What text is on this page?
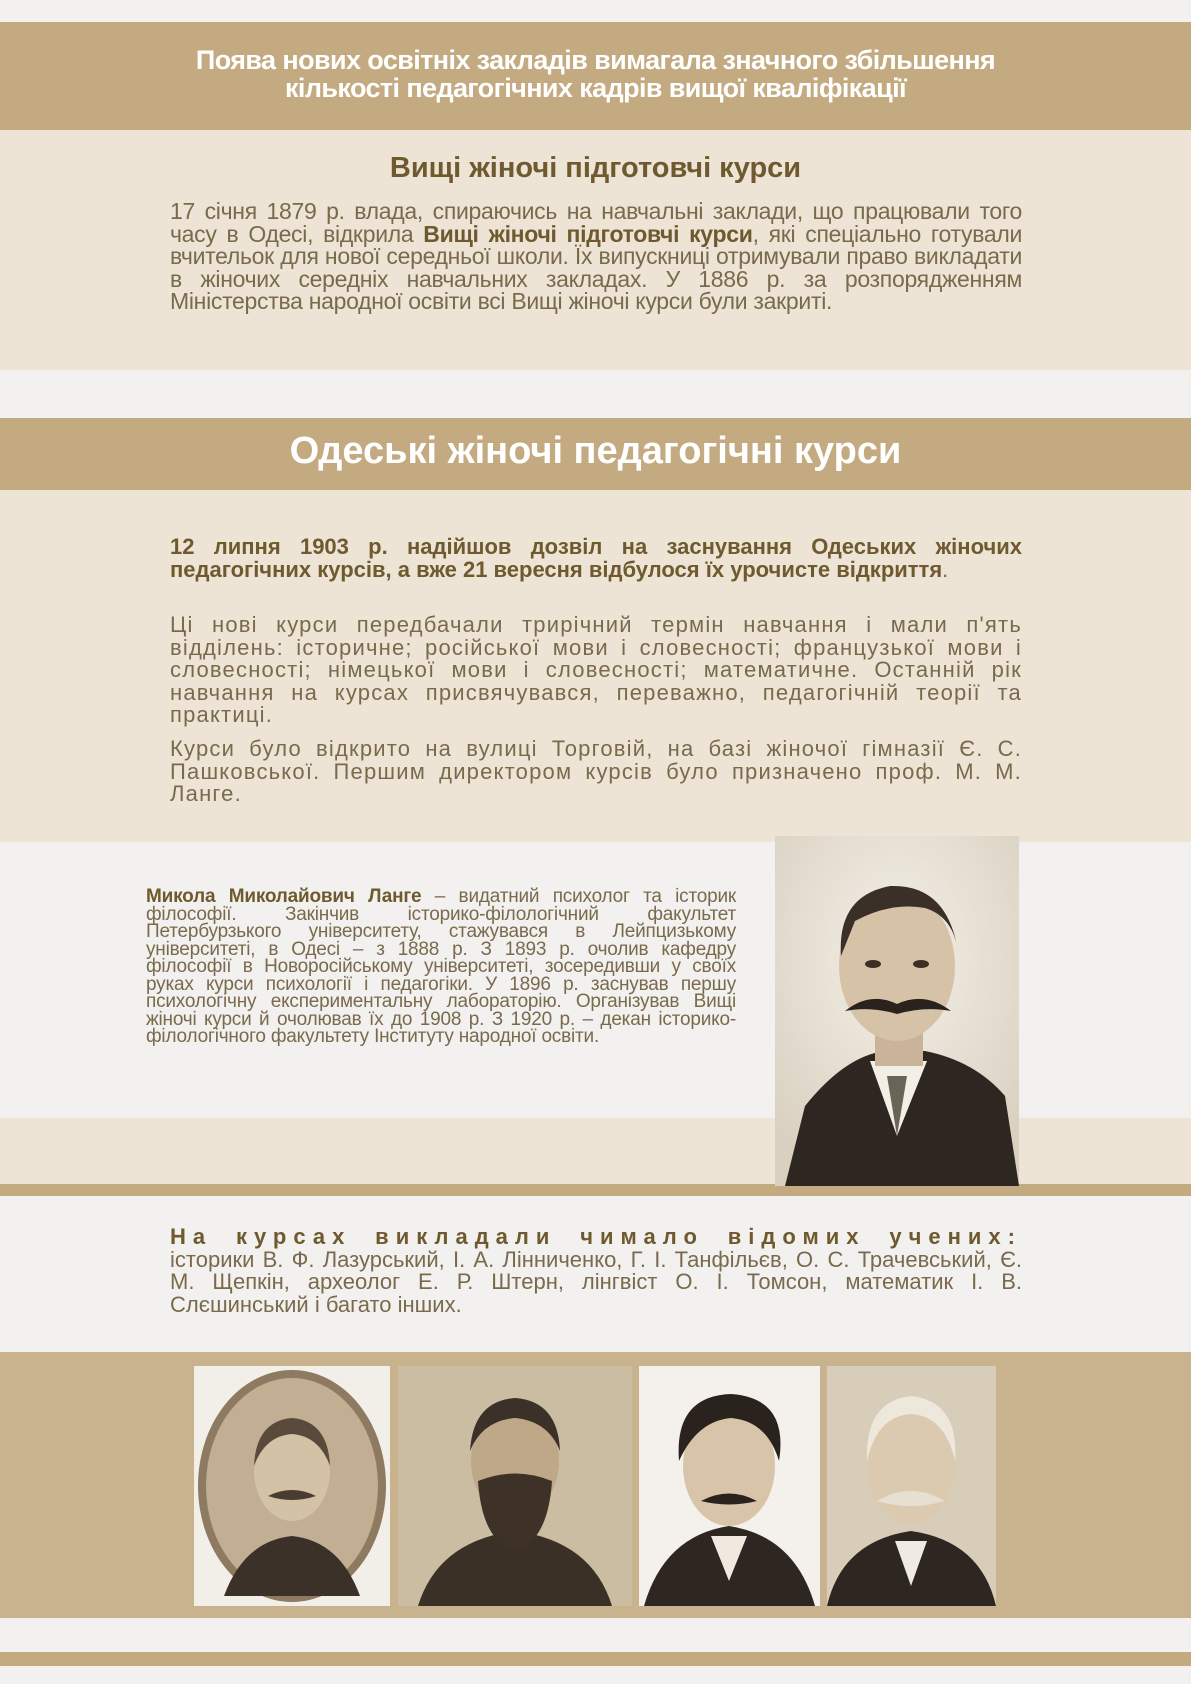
Поява нових освітніх закладів вимагала значного збільшення
кількості педагогічних кадрів вищої кваліфікації
Вищі жіночі підготовчі курси
17 січня 1879 р. влада, спираючись на навчальні заклади, що працювали того часу в Одесі, відкрила Вищі жіночі підготовчі курси, які спеціально готували вчительок для нової середньої школи. Їх випускниці отримували право викладати в жіночих середніх навчальних закладах. У 1886 р. за розпорядженням Міністерства народної освіти всі Вищі жіночі курси були закриті.
Одеські жіночі педагогічні курси
12 липня 1903 р. надійшов дозвіл на заснування Одеських жіночих педагогічних курсів, а вже 21 вересня відбулося їх урочисте відкриття.
Ці нові курси передбачали трирічний термін навчання і мали п'ять відділень: історичне; російської мови і словесності; французької мови і словесності; німецької мови і словесності; математичне. Останній рік навчання на курсах присвячувався, переважно, педагогічній теорії та практиці.
Курси було відкрито на вулиці Торговій, на базі жіночої гімназії Є. С. Пашковської. Першим директором курсів було призначено проф. М. М. Ланге.
Микола Миколайович Ланге – видатний психолог та історик філософії. Закінчив історико-філологічний факультет Петербурзького університету, стажувався в Лейпцизькому університеті, в Одесі – з 1888 р. З 1893 р. очолив кафедру філософії в Новоросійському університеті, зосередивши у своїх руках курси психології і педагогіки. У 1896 р. заснував першу психологічну експериментальну лабораторію. Організував Вищі жіночі курси й очолював їх до 1908 р. З 1920 р. – декан історико-філологічного факультету Інституту народної освіти.
На курсах викладали чимало відомих учених: історики В. Ф. Лазурський, І. А. Лінниченко, Г. І. Танфільєв, О. С. Трачевський, Є. М. Щепкін, археолог Е. Р. Штерн, лінгвіст О. І. Томсон, математик І. В. Слєшинський і багато інших.
